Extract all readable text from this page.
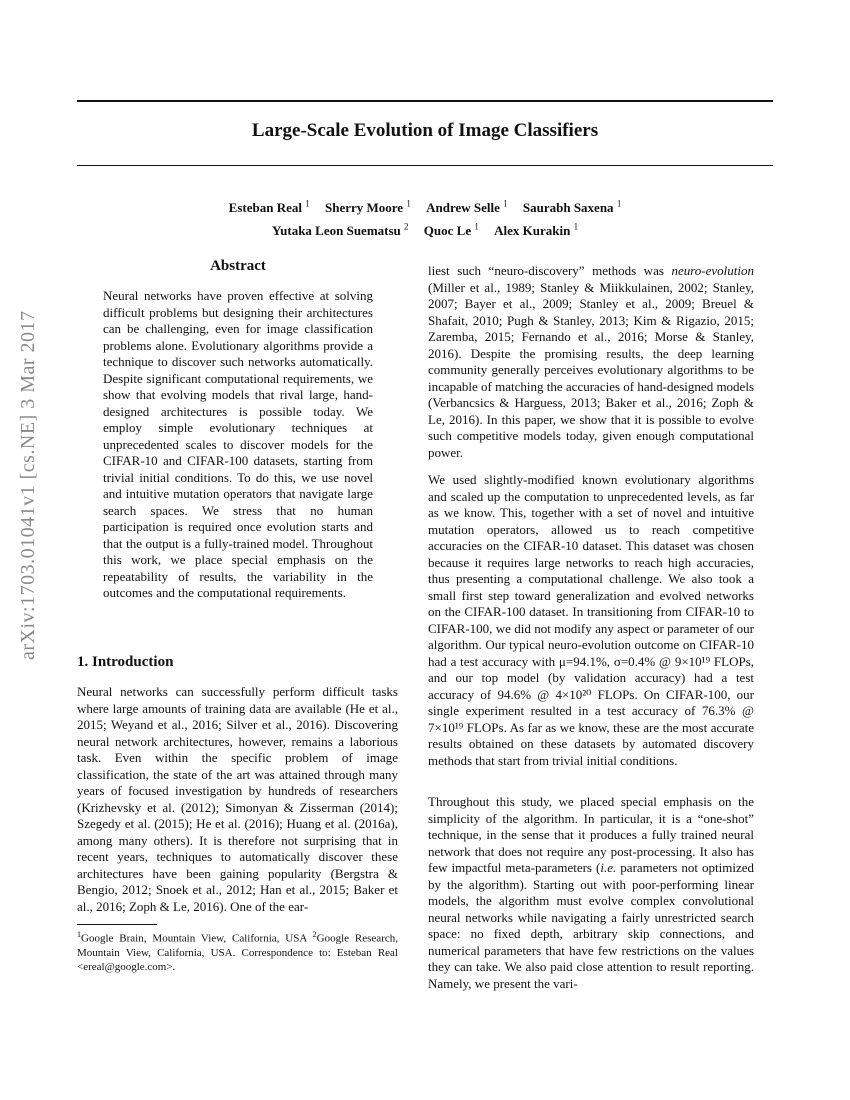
arXiv:1703.01041v1 [cs.NE] 3 Mar 2017
Large-Scale Evolution of Image Classifiers
Esteban Real $^1$ Sherry Moore $^1$ Andrew Selle $^1$ Saurabh Saxena $^1$
Yutaka Leon Suematsu $^2$ Quoc Le $^1$ Alex Kurakin $^1$
Abstract

Neural networks have proven effective at solving difficult problems but designing their architectures can be challenging, even for image classification problems alone. Evolutionary algorithms provide a technique to discover such networks automatically. Despite significant computational requirements, we show that evolving models that rival large, hand-designed architectures is possible today. We employ simple evolutionary techniques at unprecedented scales to discover models for the CIFAR-10 and CIFAR-100 datasets, starting from trivial initial conditions. To do this, we use novel and intuitive mutation operators that navigate large search spaces. We stress that no human participation is required once evolution starts and that the output is a fully-trained model. Throughout this work, we place special emphasis on the repeatability of results, the variability in the outcomes and the computational requirements.

1. Introduction

Neural networks can successfully perform difficult tasks where large amounts of training data are available (He et al., 2015; Weyand et al., 2016; Silver et al., 2016). Discovering neural network architectures, however, remains a laborious task. Even within the specific problem of image classification, the state of the art was attained through many years of focused investigation by hundreds of researchers (Krizhevsky et al. (2012); Simonyan & Zisserman (2014); Szegedy et al. (2015); He et al. (2016); Huang et al. (2016a), among many others). It is therefore not surprising that in recent years, techniques to automatically discover these architectures have been gaining popularity (Bergstra & Bengio, 2012; Snoek et al., 2012; Han et al., 2015; Baker et al., 2016; Zoph & Le, 2016). One of the ear-

$^1$Google Brain, Mountain View, California, USA $^2$Google Research, Mountain View, California, USA. Correspondence to: Esteban Real <ereal@google.com>.

liest such “neuro-discovery” methods was neuro-evolution (Miller et al., 1989; Stanley & Miikkulainen, 2002; Stanley, 2007; Bayer et al., 2009; Stanley et al., 2009; Breuel & Shafait, 2010; Pugh & Stanley, 2013; Kim & Rigazio, 2015; Zaremba, 2015; Fernando et al., 2016; Morse & Stanley, 2016). Despite the promising results, the deep learning community generally perceives evolutionary algorithms to be incapable of matching the accuracies of hand-designed models (Verbancsics & Harguess, 2013; Baker et al., 2016; Zoph & Le, 2016). In this paper, we show that it is possible to evolve such competitive models today, given enough computational power.

We used slightly-modified known evolutionary algorithms and scaled up the computation to unprecedented levels, as far as we know. This, together with a set of novel and intuitive mutation operators, allowed us to reach competitive accuracies on the CIFAR-10 dataset. This dataset was chosen because it requires large networks to reach high accuracies, thus presenting a computational challenge. We also took a small first step toward generalization and evolved networks on the CIFAR-100 dataset. In transitioning from CIFAR-10 to CIFAR-100, we did not modify any aspect or parameter of our algorithm. Our typical neuro-evolution outcome on CIFAR-10 had a test accuracy with μ=94.1%, σ=0.4% @ 9×10¹⁹ FLOPs, and our top model (by validation accuracy) had a test accuracy of 94.6% @ 4×10²⁰ FLOPs. On CIFAR-100, our single experiment resulted in a test accuracy of 76.3% @ 7×10¹⁹ FLOPs. As far as we know, these are the most accurate results obtained on these datasets by automated discovery methods that start from trivial initial conditions.

Throughout this study, we placed special emphasis on the simplicity of the algorithm. In particular, it is a “one-shot” technique, in the sense that it produces a fully trained neural network that does not require any post-processing. It also has few impactful meta-parameters (i.e. parameters not optimized by the algorithm). Starting out with poor-performing linear models, the algorithm must evolve complex convolutional neural networks while navigating a fairly unrestricted search space: no fixed depth, arbitrary skip connections, and numerical parameters that have few restrictions on the values they can take. We also paid close attention to result reporting. Namely, we present the vari-
